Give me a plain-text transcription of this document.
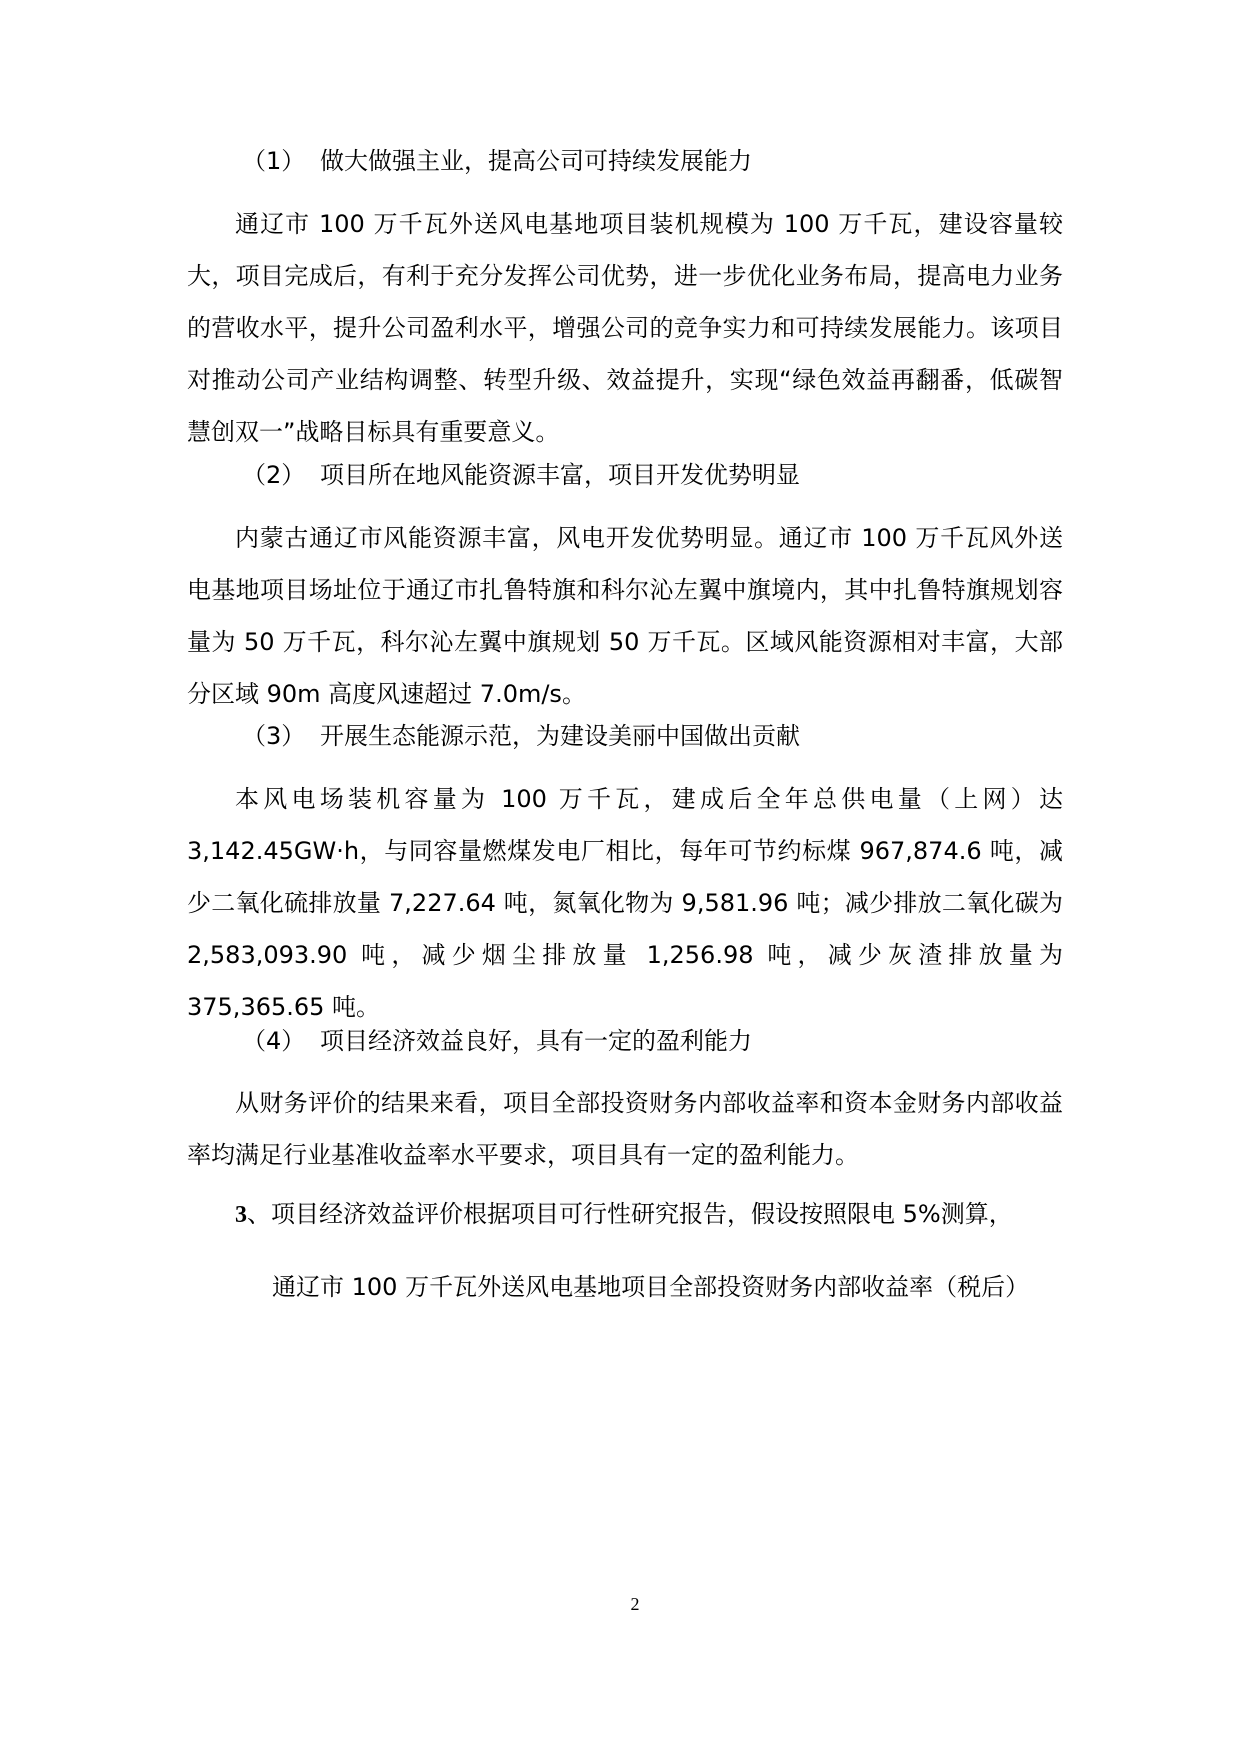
（1） 做大做强主业，提高公司可持续发展能力

通辽市 100 万千瓦外送风电基地项目装机规模为 100 万千瓦，建设容量较大，项目完成后，有利于充分发挥公司优势，进一步优化业务布局，提高电力业务的营收水平，提升公司盈利水平，增强公司的竞争实力和可持续发展能力。该项目对推动公司产业结构调整、转型升级、效益提升，实现“绿色效益再翻番，低碳智慧创双一”战略目标具有重要意义。

（2） 项目所在地风能资源丰富，项目开发优势明显

内蒙古通辽市风能资源丰富，风电开发优势明显。通辽市 100 万千瓦风外送电基地项目场址位于通辽市扎鲁特旗和科尔沁左翼中旗境内，其中扎鲁特旗规划容量为 50 万千瓦，科尔沁左翼中旗规划 50 万千瓦。区域风能资源相对丰富，大部分区域 90m 高度风速超过 7.0m/s。

（3） 开展生态能源示范，为建设美丽中国做出贡献

本风电场装机容量为 100 万千瓦，建成后全年总供电量（上网）达 3,142.45GW·h，与同容量燃煤发电厂相比，每年可节约标煤 967,874.6 吨，减少二氧化硫排放量 7,227.64 吨，氮氧化物为 9,581.96 吨；减少排放二氧化碳为 2,583,093.90 吨，减少烟尘排放量 1,256.98 吨，减少灰渣排放量为 375,365.65 吨。

（4） 项目经济效益良好，具有一定的盈利能力

从财务评价的结果来看，项目全部投资财务内部收益率和资本金财务内部收益率均满足行业基准收益率水平要求，项目具有一定的盈利能力。

3、项目经济效益评价根据项目可行性研究报告，假设按照限电 5%测算，
通辽市 100 万千瓦外送风电基地项目全部投资财务内部收益率（税后）
2
